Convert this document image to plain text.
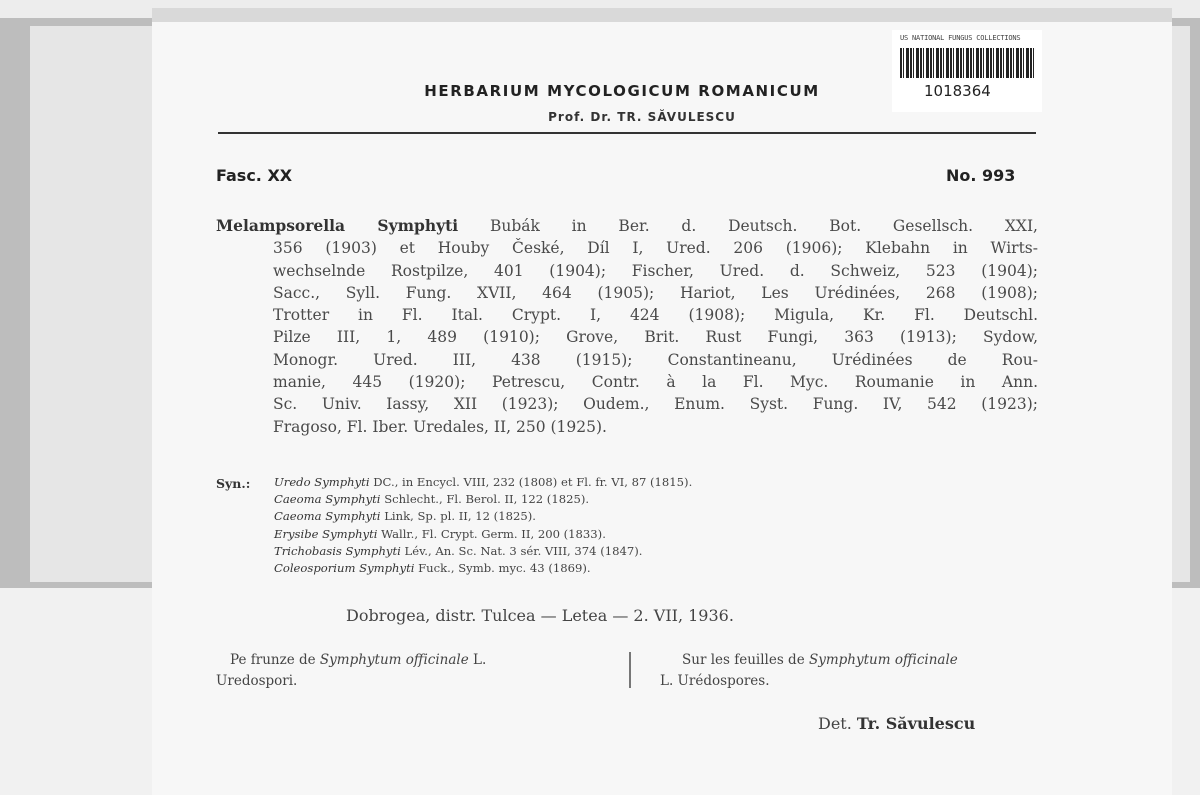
US NATIONAL FUNGUS COLLECTIONS
1018364
HERBARIUM MYCOLOGICUM ROMANICUM
Prof. Dr. TR. SĂVULESCU
Fasc. XX	No. 993
Melampsorella Symphyti Bubák in Ber. d. Deutsch. Bot. Gesellsch. XXI,
356 (1903) et Houby České, Díl I, Ured. 206 (1906); Klebahn in Wirts-
wechselnde Rostpilze, 401 (1904); Fischer, Ured. d. Schweiz, 523 (1904);
Sacc., Syll. Fung. XVII, 464 (1905); Hariot, Les Urédinées, 268 (1908);
Trotter in Fl. Ital. Crypt. I, 424 (1908); Migula, Kr. Fl. Deutschl.
Pilze III, 1, 489 (1910); Grove, Brit. Rust Fungi, 363 (1913); Sydow,
Monogr. Ured. III, 438 (1915); Constantineanu, Urédinées de Rou-
manie, 445 (1920); Petrescu, Contr. à la Fl. Myc. Roumanie in Ann.
Sc. Univ. Iassy, XII (1923); Oudem., Enum. Syst. Fung. IV, 542 (1923);
Fragoso, Fl. Iber. Uredales, II, 250 (1925).
Syn.: Uredo Symphyti DC., in Encycl. VIII, 232 (1808) et Fl. fr. VI, 87 (1815).
Caeoma Symphyti Schlecht., Fl. Berol. II, 122 (1825).
Caeoma Symphyti Link, Sp. pl. II, 12 (1825).
Erysibe Symphyti Wallr., Fl. Crypt. Germ. II, 200 (1833).
Trichobasis Symphyti Lév., An. Sc. Nat. 3 sér. VIII, 374 (1847).
Coleosporium Symphyti Fuck., Symb. myc. 43 (1869).
Dobrogea, distr. Tulcea — Letea — 2. VII, 1936.
Pe frunze de Symphytum officinale L.
Uredospori.
Sur les feuilles de Symphytum officinale
L. Urédospores.
Det. Tr. Săvulescu
